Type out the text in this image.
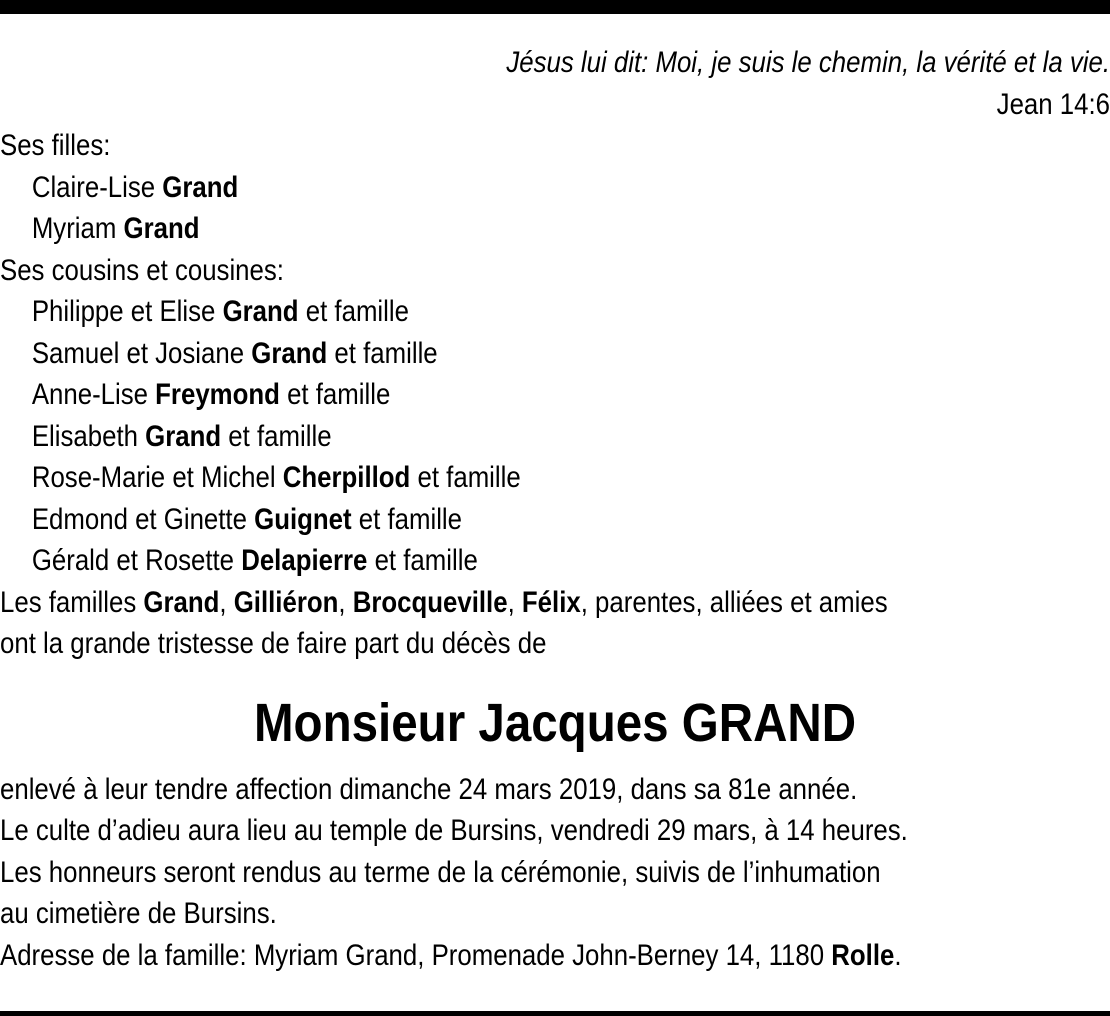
Jésus lui dit: Moi, je suis le chemin, la vérité et la vie.
Jean 14:6
Ses filles:
Claire-Lise Grand
Myriam Grand
Ses cousins et cousines:
Philippe et Elise Grand et famille
Samuel et Josiane Grand et famille
Anne-Lise Freymond et famille
Elisabeth Grand et famille
Rose-Marie et Michel Cherpillod et famille
Edmond et Ginette Guignet et famille
Gérald et Rosette Delapierre et famille
Les familles Grand, Gilliéron, Brocqueville, Félix, parentes, alliées et amies
ont la grande tristesse de faire part du décès de
Monsieur Jacques GRAND
enlevé à leur tendre affection dimanche 24 mars 2019, dans sa 81e année.
Le culte d’adieu aura lieu au temple de Bursins, vendredi 29 mars, à 14 heures.
Les honneurs seront rendus au terme de la cérémonie, suivis de l’inhumation
au cimetière de Bursins.
Adresse de la famille: Myriam Grand, Promenade John-Berney 14, 1180 Rolle.
